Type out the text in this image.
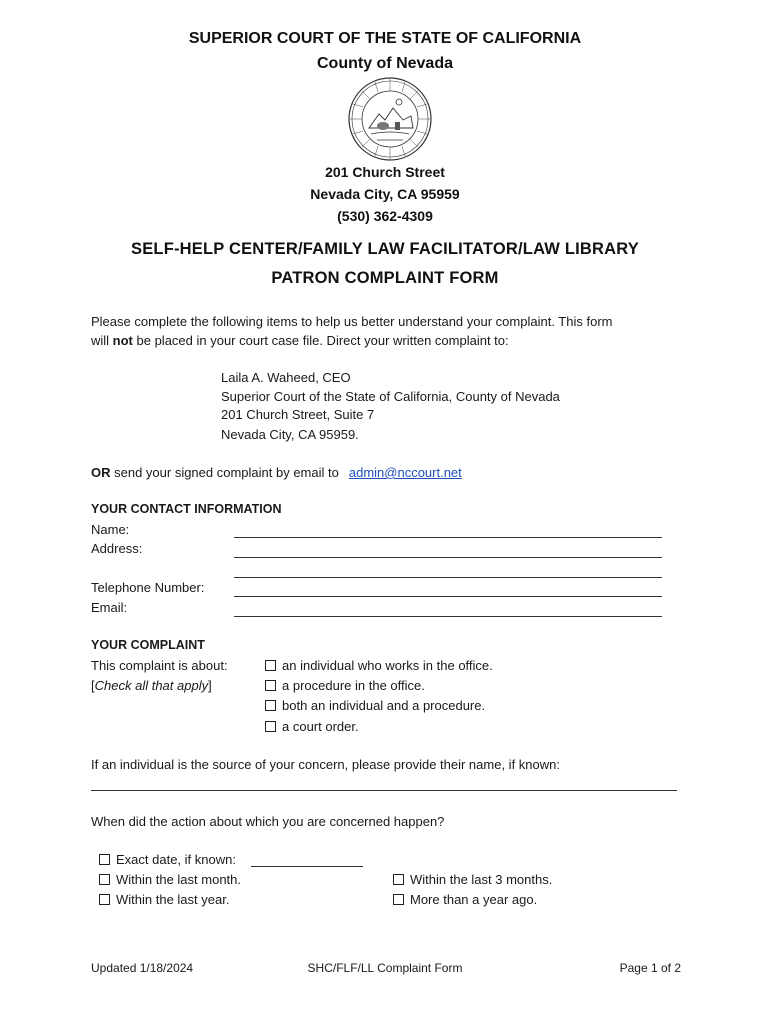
SUPERIOR COURT OF THE STATE OF CALIFORNIA
County of Nevada
201 Church Street
Nevada City, CA 95959
(530) 362-4309
SELF-HELP CENTER/FAMILY LAW FACILITATOR/LAW LIBRARY
PATRON COMPLAINT FORM
Please complete the following items to help us better understand your complaint. This form
will not be placed in your court case file. Direct your written complaint to:
Laila A. Waheed, CEO
Superior Court of the State of California, County of Nevada
201 Church Street, Suite 7
Nevada City, CA 95959.
OR send your signed complaint by email to admin@nccourt.net
YOUR CONTACT INFORMATION
Name:
Address:
Telephone Number:
Email:
YOUR COMPLAINT
This complaint is about:
[Check all that apply]
an individual who works in the office.
a procedure in the office.
both an individual and a procedure.
a court order.
If an individual is the source of your concern, please provide their name, if known:
When did the action about which you are concerned happen?
Exact date, if known:
Within the last month.
Within the last year.
Within the last 3 months.
More than a year ago.
Updated 1/18/2024	SHC/FLF/LL Complaint Form	Page 1 of 2
